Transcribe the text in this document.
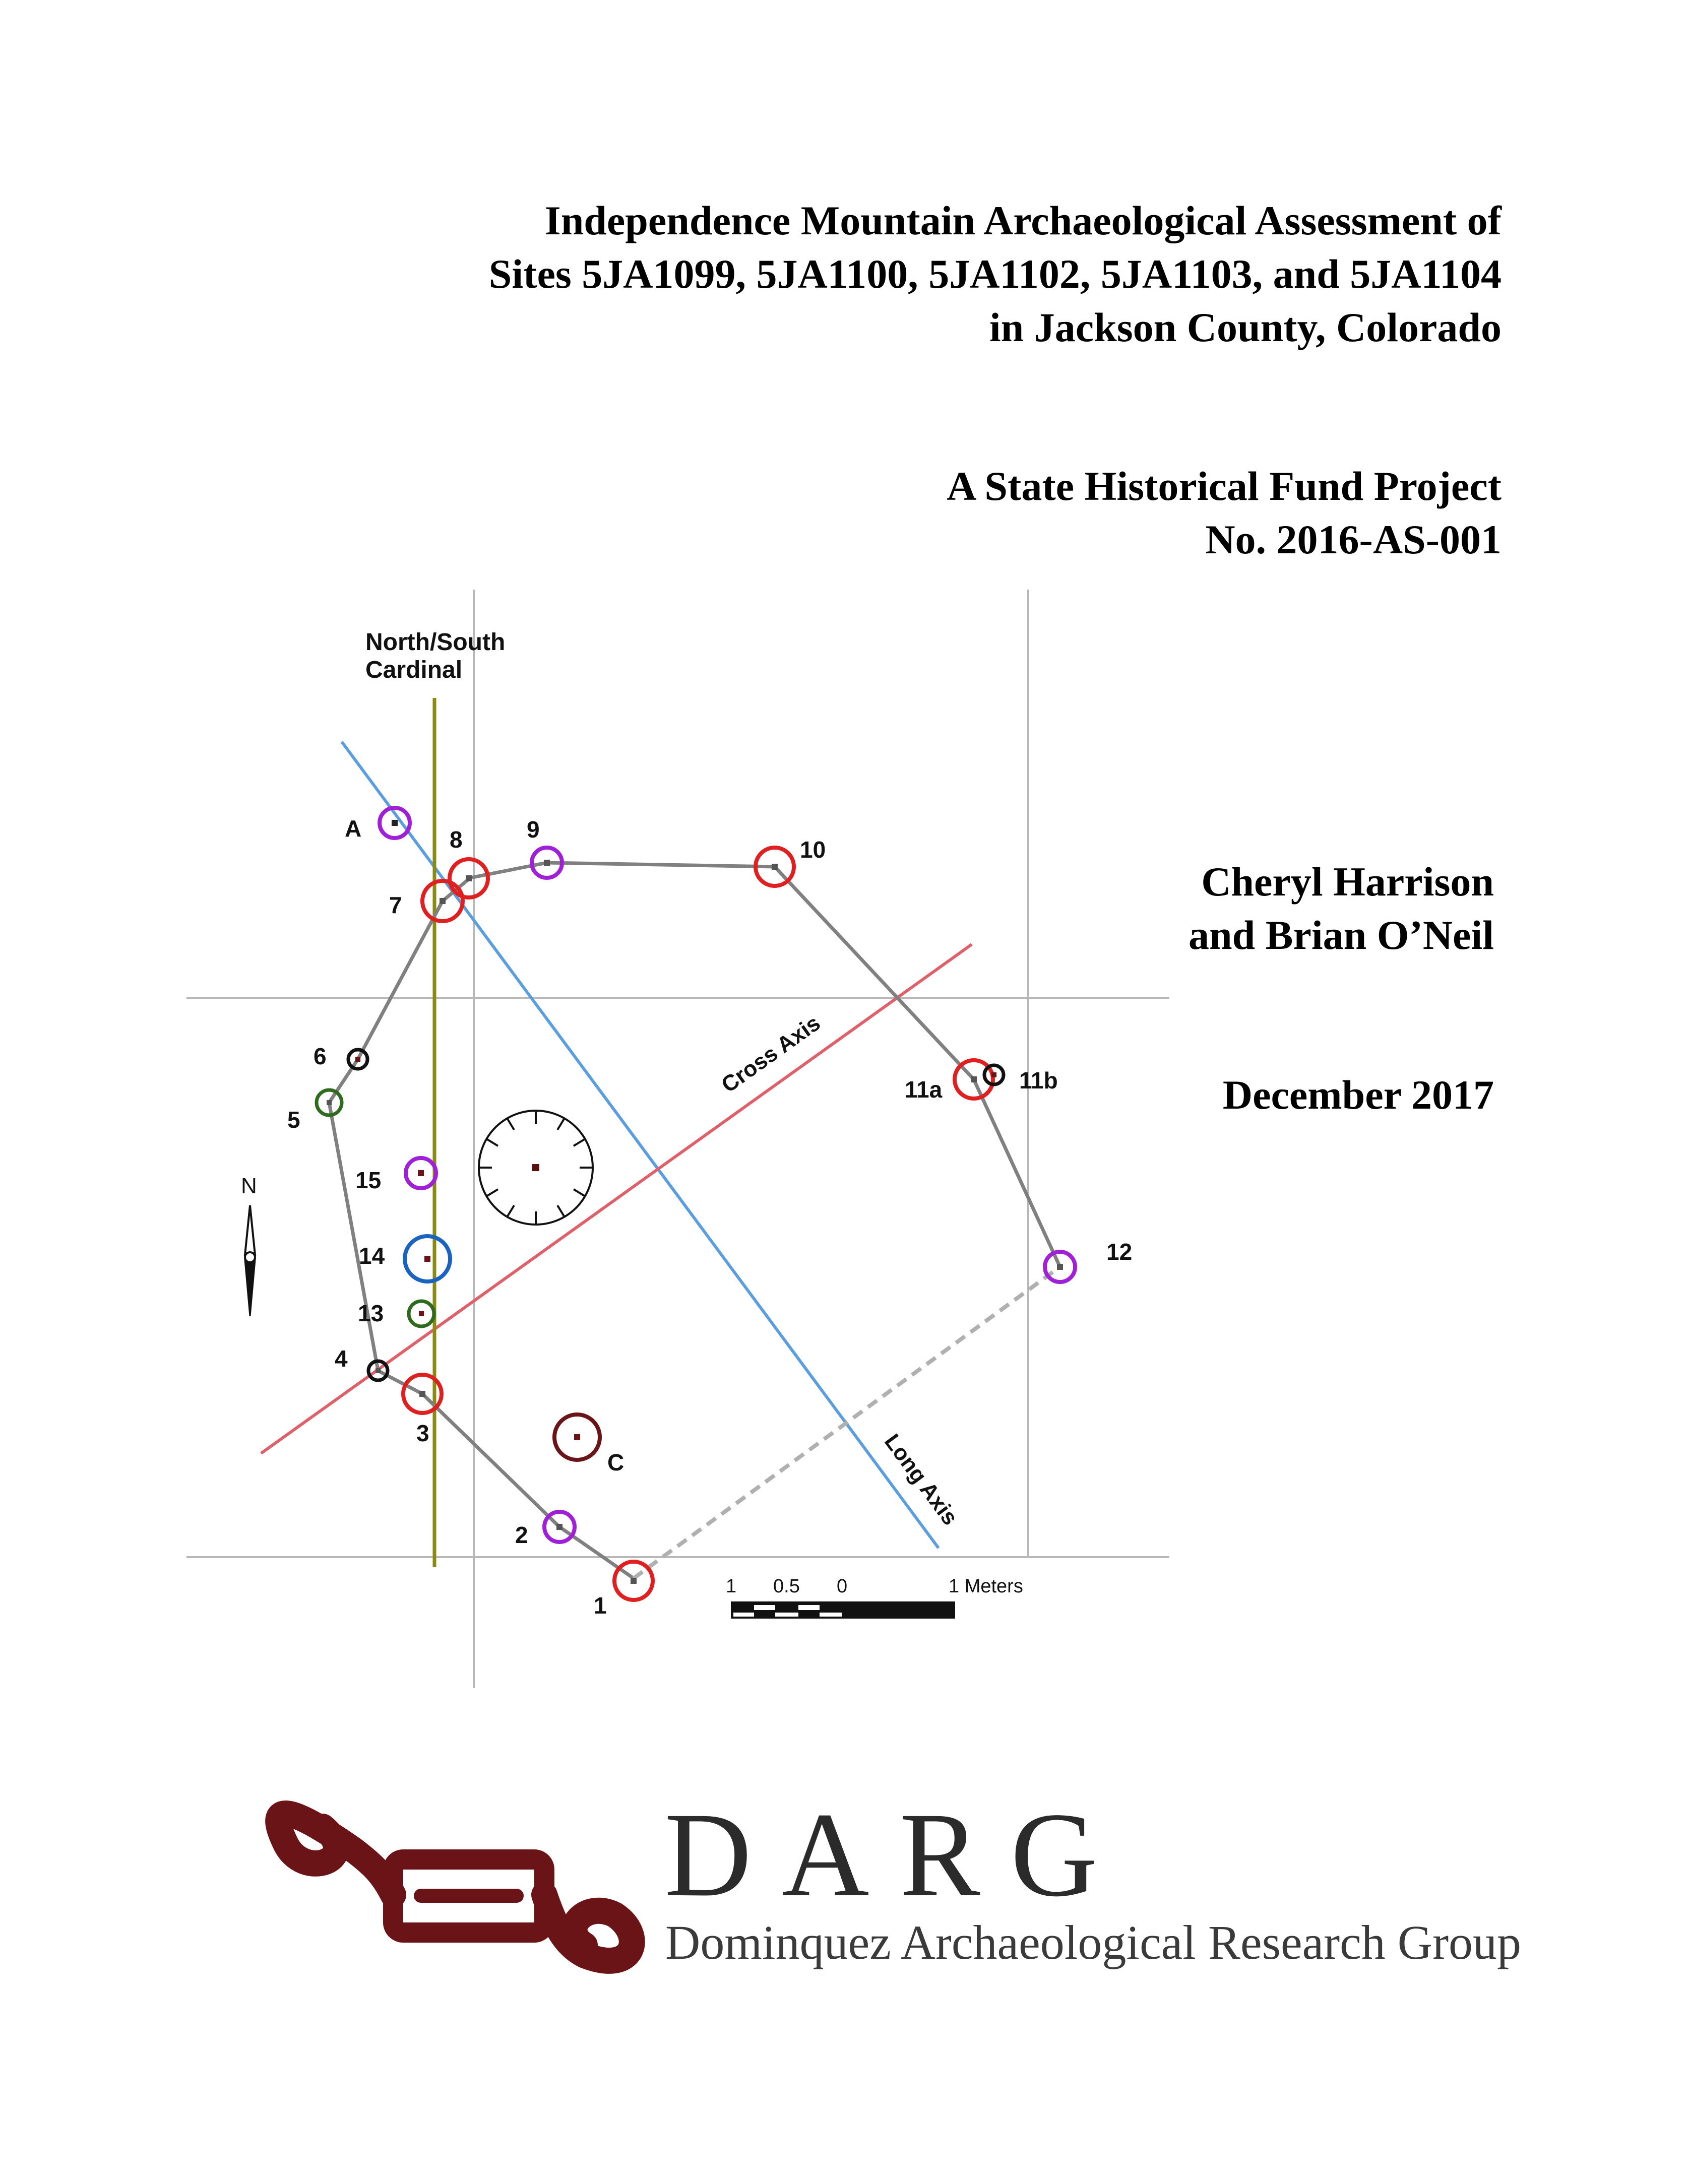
Independence Mountain Archaeological Assessment of
Sites 5JA1099, 5JA1100, 5JA1102, 5JA1103, and 5JA1104
in Jackson County, Colorado
A State Historical Fund Project
No. 2016-AS-001
Cheryl Harrison
and Brian O’Neil
December 2017
A	8	9
10
7
6
5
11a	11b
15
14
13
12
4
3
C
2
1
Cross Axis
Long Axis
North/South
Cardinal
N
1 0.5 0	1 Meters
DARG
Dominquez Archaeological Research Group
